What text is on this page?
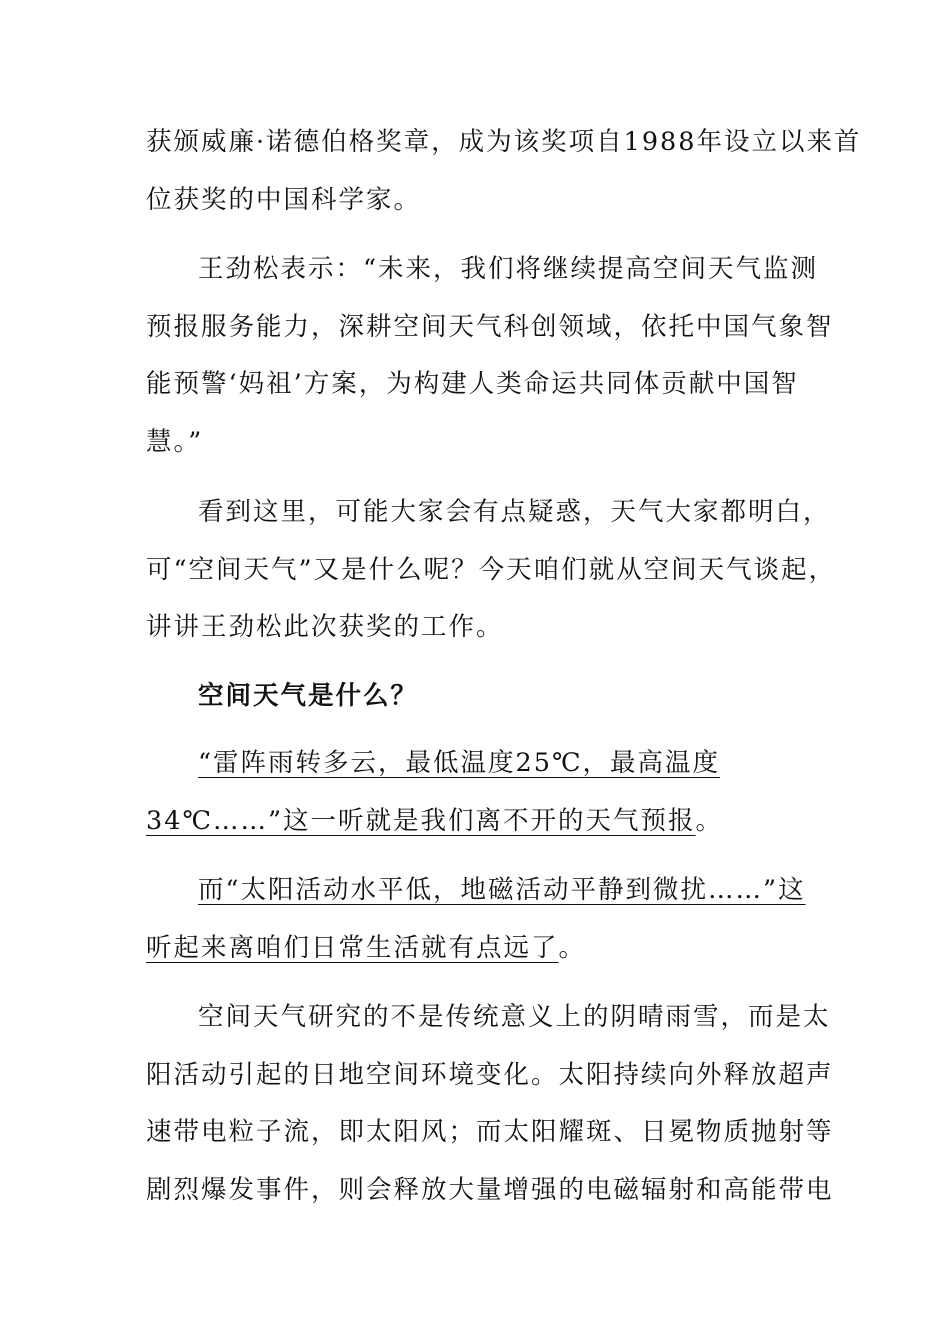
获颁威廉·诺德伯格奖章，成为该奖项自1988年设立以来首
位获奖的中国科学家。

王劲松表示：“未来，我们将继续提高空间天气监测
预报服务能力，深耕空间天气科创领域，依托中国气象智
能预警‘妈祖’方案，为构建人类命运共同体贡献中国智
慧。”

看到这里，可能大家会有点疑惑，天气大家都明白，
可“空间天气”又是什么呢？今天咱们就从空间天气谈起，
讲讲王劲松此次获奖的工作。

空间天气是什么？

“雷阵雨转多云，最低温度25℃，最高温度
34℃……”这一听就是我们离不开的天气预报。

而“太阳活动水平低，地磁活动平静到微扰……”这
听起来离咱们日常生活就有点远了。

空间天气研究的不是传统意义上的阴晴雨雪，而是太
阳活动引起的日地空间环境变化。太阳持续向外释放超声
速带电粒子流，即太阳风；而太阳耀斑、日冕物质抛射等
剧烈爆发事件，则会释放大量增强的电磁辐射和高能带电
